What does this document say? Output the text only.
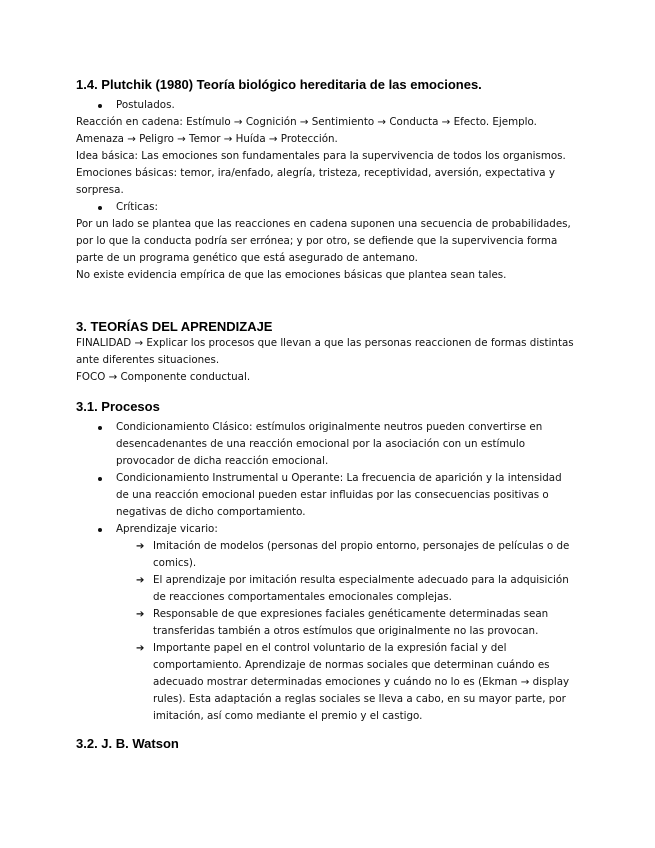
1.4. Plutchik (1980) Teoría biológico hereditaria de las emociones.
Postulados.

Reacción en cadena: Estímulo → Cognición → Sentimiento → Conducta → Efecto. Ejemplo. Amenaza → Peligro → Temor → Huída → Protección.

Idea básica: Las emociones son fundamentales para la supervivencia de todos los organismos.

Emociones básicas: temor, ira/enfado, alegría, tristeza, receptividad, aversión, expectativa y sorpresa.

Críticas:

Por un lado se plantea que las reacciones en cadena suponen una secuencia de probabilidades, por lo que la conducta podría ser errónea; y por otro, se defiende que la supervivencia forma parte de un programa genético que está asegurado de antemano.

No existe evidencia empírica de que las emociones básicas que plantea sean tales.

3. TEORÍAS DEL APRENDIZAJE

FINALIDAD → Explicar los procesos que llevan a que las personas reaccionen de formas distintas ante diferentes situaciones.

FOCO → Componente conductual.

3.1. Procesos
Condicionamiento Clásico: estímulos originalmente neutros pueden convertirse en desencadenantes de una reacción emocional por la asociación con un estímulo provocador de dicha reacción emocional.
Condicionamiento Instrumental u Operante: La frecuencia de aparición y la intensidad de una reacción emocional pueden estar influidas por las consecuencias positivas o negativas de dicho comportamiento.
Aprendizaje vicario:
➔ Imitación de modelos (personas del propio entorno, personajes de películas o de comics).
➔ El aprendizaje por imitación resulta especialmente adecuado para la adquisición de reacciones comportamentales emocionales complejas.
➔ Responsable de que expresiones faciales genéticamente determinadas sean transferidas también a otros estímulos que originalmente no las provocan.
➔ Importante papel en el control voluntario de la expresión facial y del comportamiento. Aprendizaje de normas sociales que determinan cuándo es adecuado mostrar determinadas emociones y cuándo no lo es (Ekman → display rules). Esta adaptación a reglas sociales se lleva a cabo, en su mayor parte, por imitación, así como mediante el premio y el castigo.
3.2. J. B. Watson
